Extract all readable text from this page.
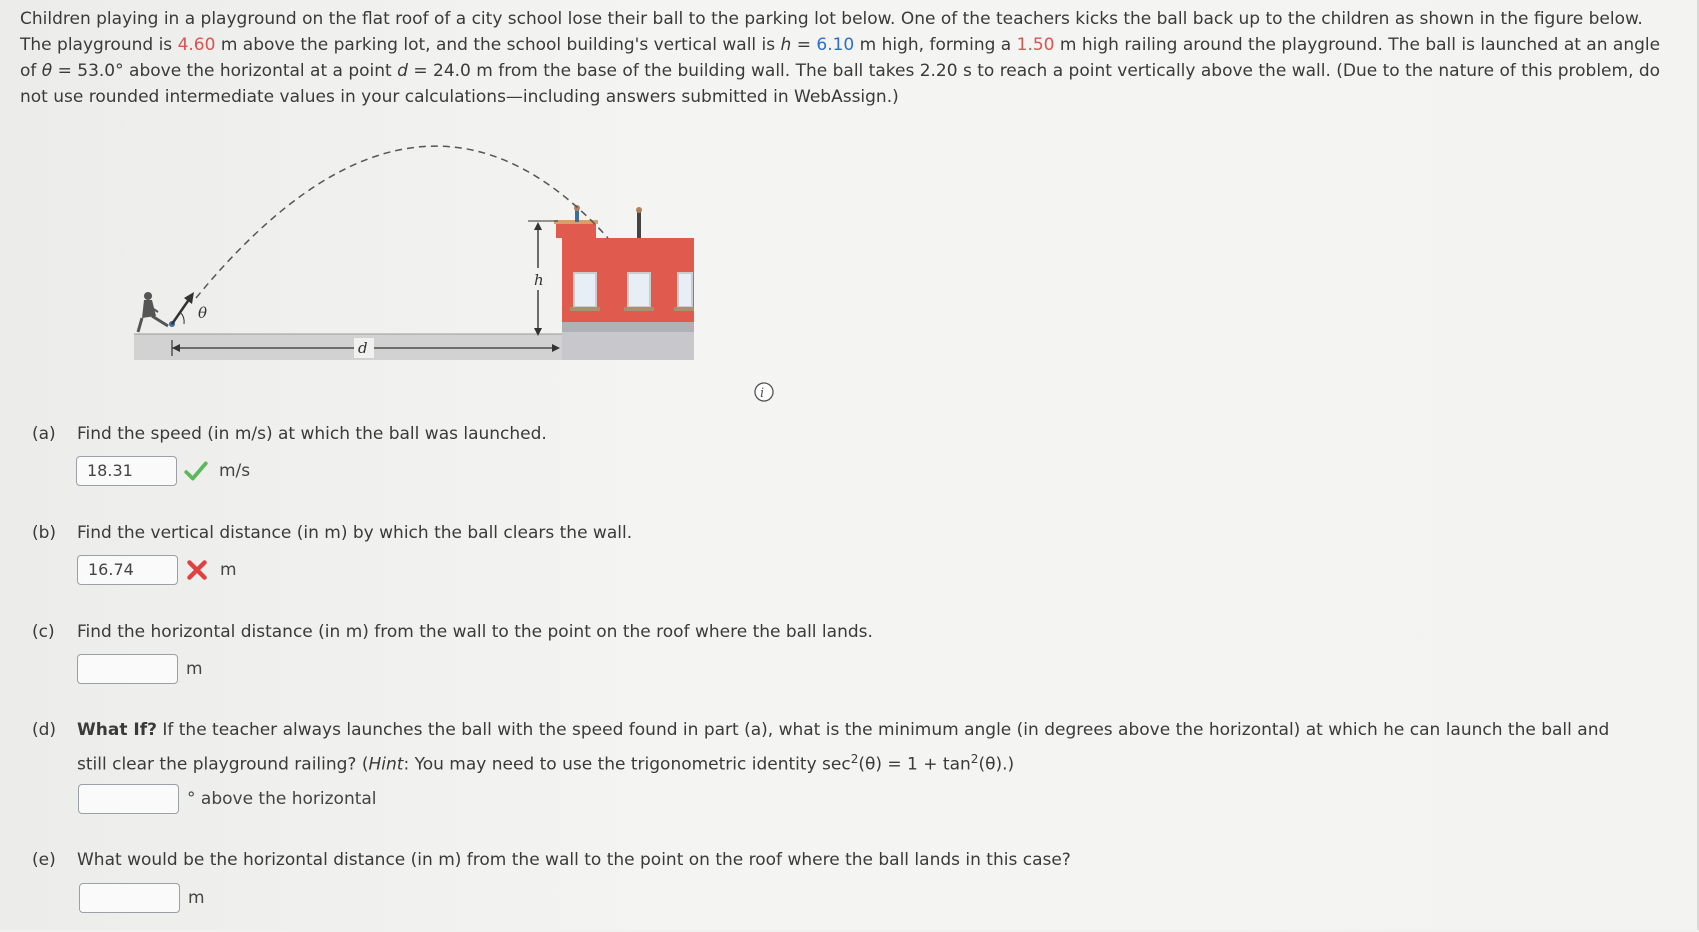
Children playing in a playground on the flat roof of a city school lose their ball to the parking lot below. One of the teachers kicks the ball back up to the children as shown in the figure below. The playground is 4.60 m above the parking lot, and the school building's vertical wall is h = 6.10 m high, forming a 1.50 m high railing around the playground. The ball is launched at an angle of θ = 53.0° above the horizontal at a point d = 24.0 m from the base of the building wall. The ball takes 2.20 s to reach a point vertically above the wall. (Due to the nature of this problem, do not use rounded intermediate values in your calculations—including answers submitted in WebAssign.)
h
d
θ
i
(a) Find the speed (in m/s) at which the ball was launched.
18.31	m/s
(b) Find the vertical distance (in m) by which the ball clears the wall.
16.74	m
(c) Find the horizontal distance (in m) from the wall to the point on the roof where the ball lands.
m
(d) What If? If the teacher always launches the ball with the speed found in part (a), what is the minimum angle (in degrees above the horizontal) at which he can launch the ball and
still clear the playground railing? (Hint: You may need to use the trigonometric identity $\sec^2(\theta) = 1 + \tan^2(\theta)$.)
° above the horizontal
(e) What would be the horizontal distance (in m) from the wall to the point on the roof where the ball lands in this case?
m
